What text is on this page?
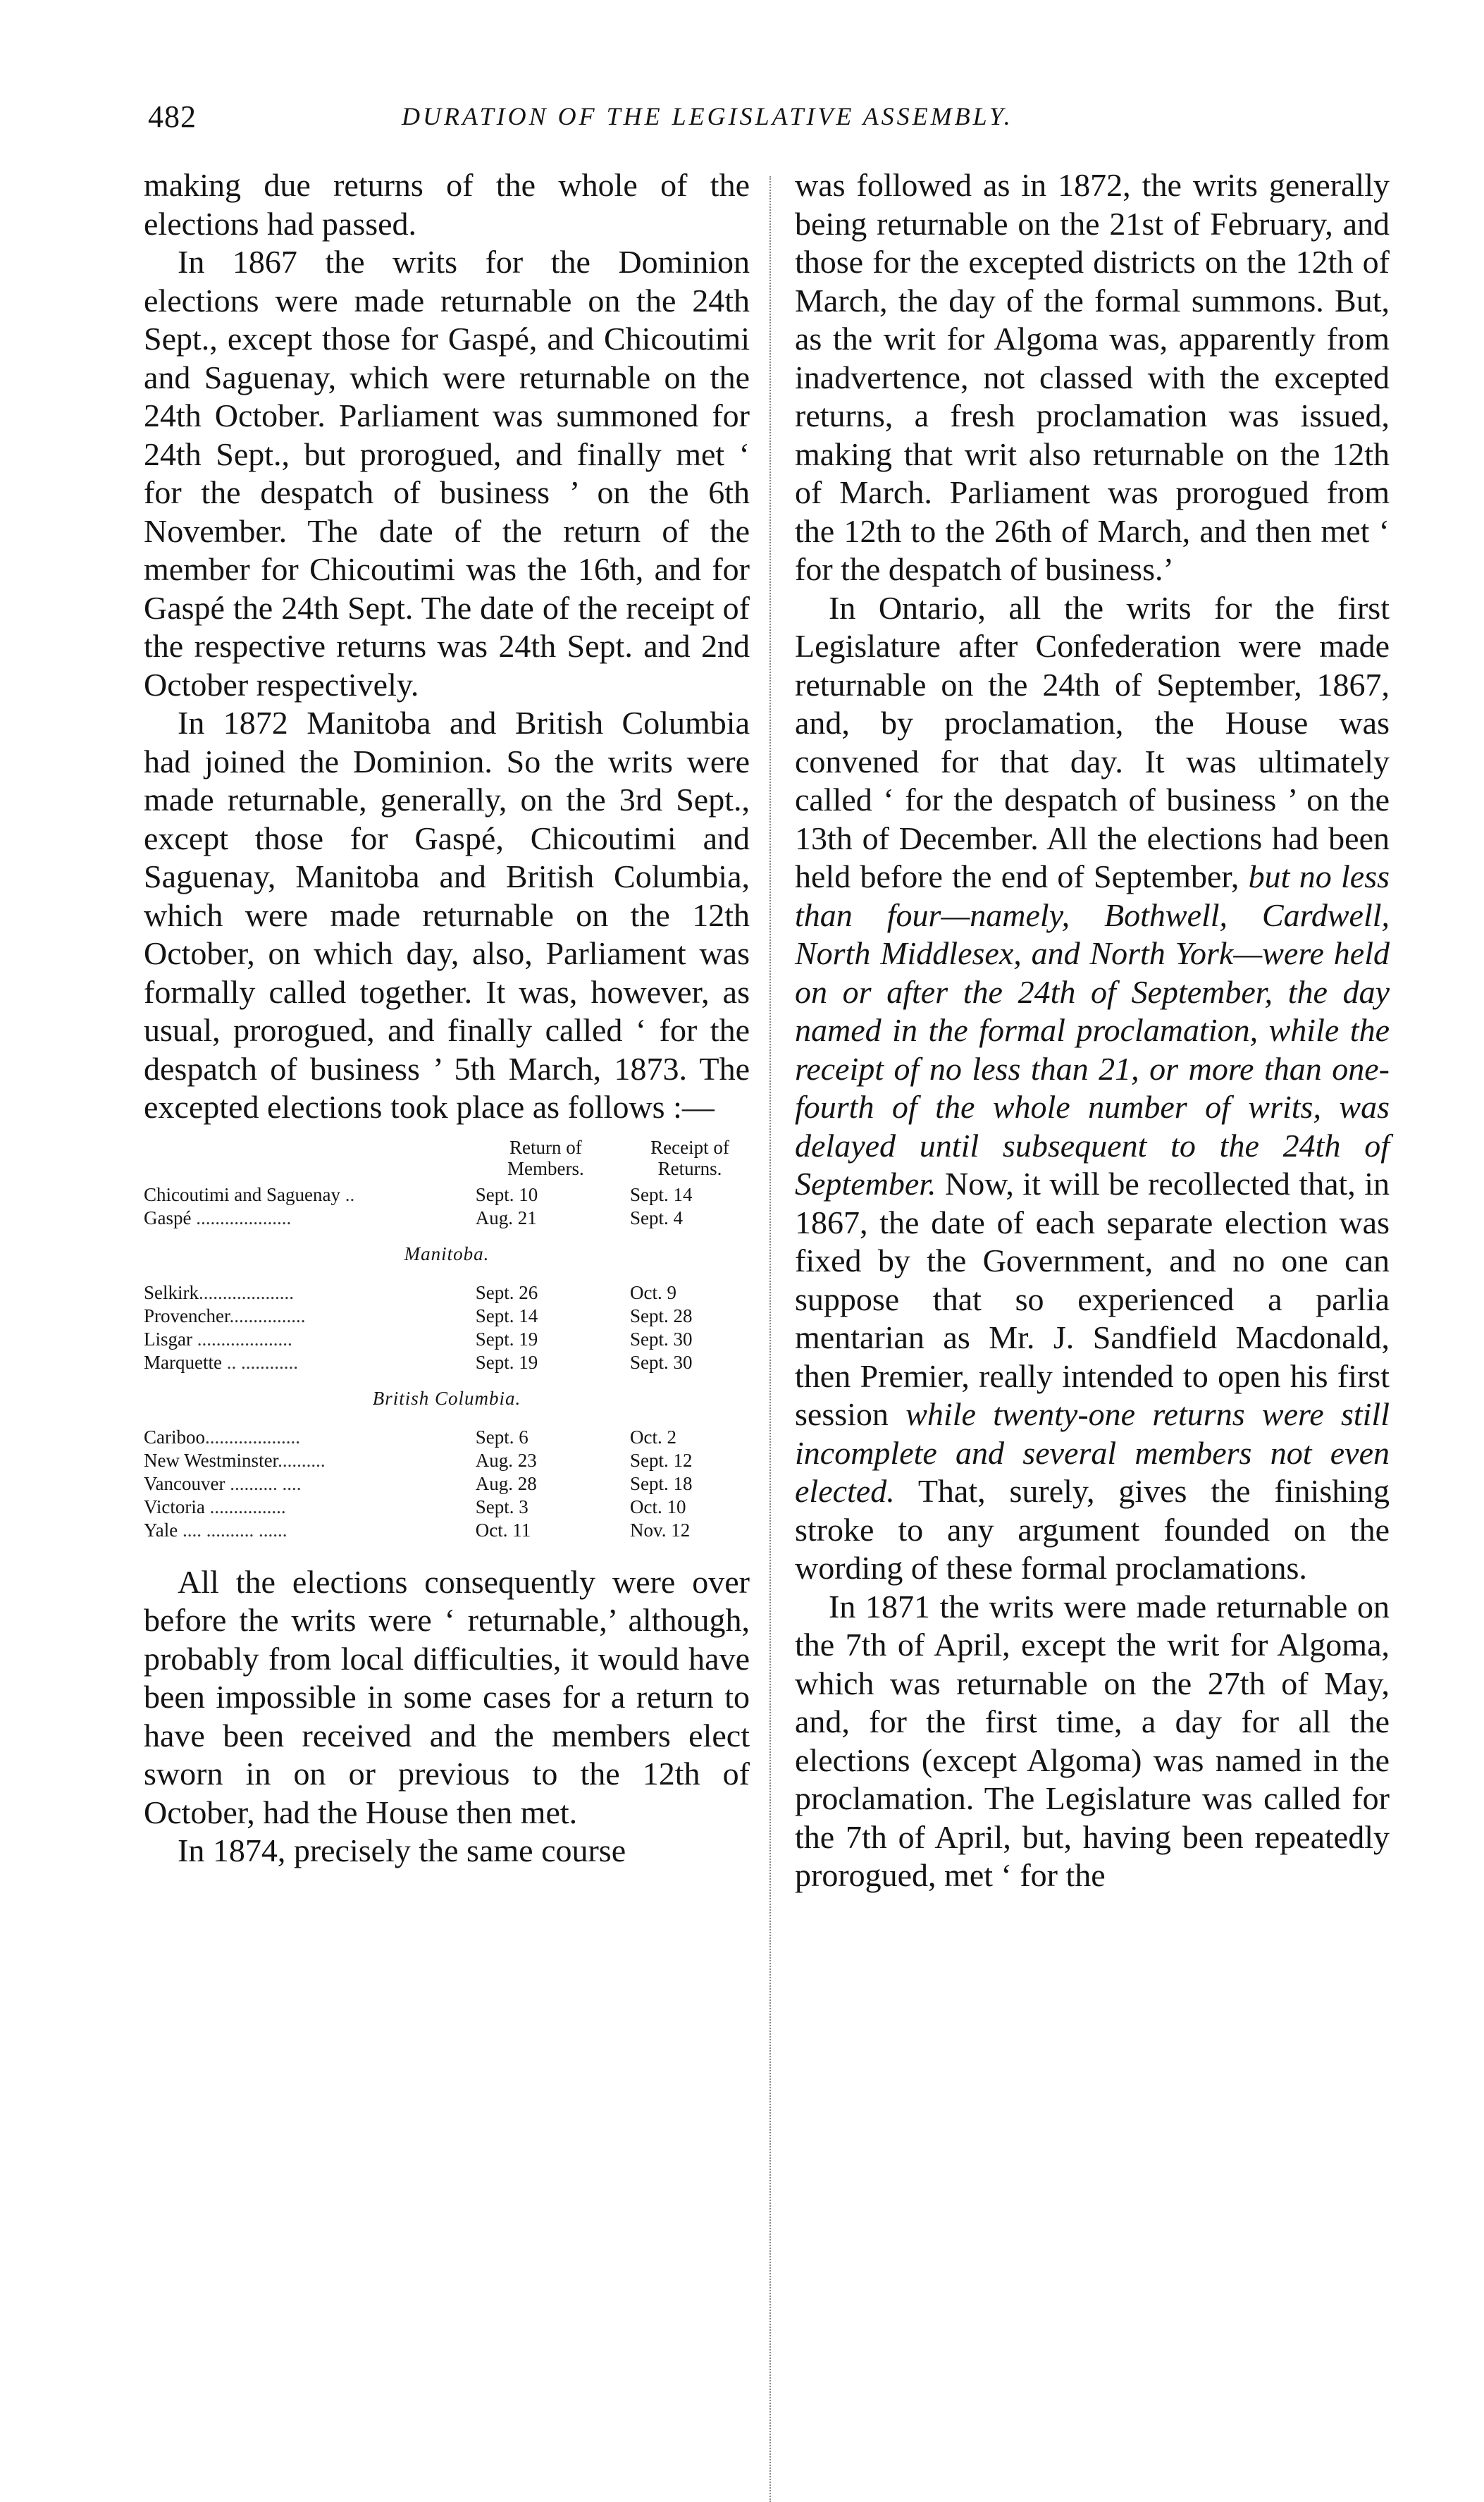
482	DURATION OF THE LEGISLATIVE ASSEMBLY.

making due returns of the whole of the elections had passed.

In 1867 the writs for the Dominion elections were made returnable on the 24th Sept., except those for Gaspé, and Chicoutimi and Saguenay, which were returnable on the 24th October. Parliament was summoned for 24th Sept., but prorogued, and finally met ‘ for the despatch of business ’ on the 6th November. The date of the return of the member for Chicoutimi was the 16th, and for Gaspé the 24th Sept. The date of the receipt of the respective returns was 24th Sept. and 2nd October respectively.

In 1872 Manitoba and British Columbia had joined the Dominion. So the writs were made returnable, generally, on the 3rd Sept., except those for Gaspé, Chicoutimi and Saguenay, Manitoba and British Columbia, which were made returnable on the 12th October, on which day, also, Parliament was formally called together. It was, however, as usual, prorogued, and finally called ‘ for the despatch of business ’ 5th March, 1873. The excepted elections took place as follows :—

	Return of Members.	Receipt of Returns.
Chicoutimi and Saguenay ..	Sept. 10	Sept. 14
Gaspé ....................	Aug. 21	Sept. 4
Manitoba.		
Selkirk....................	Sept. 26	Oct. 9
Provencher................	Sept. 14	Sept. 28
Lisgar ....................	Sept. 19	Sept. 30
Marquette .. ............	Sept. 19	Sept. 30
British Columbia.		
Cariboo....................	Sept. 6	Oct. 2
New Westminster..........	Aug. 23	Sept. 12
Vancouver .......... ....	Aug. 28	Sept. 18
Victoria ................	Sept. 3	Oct. 10
Yale .... .......... ......	Oct. 11	Nov. 12

All the elections consequently were over before the writs were ‘ returnable,’ although, probably from local difficulties, it would have been impossible in some cases for a return to have been received and the members elect sworn in on or previous to the 12th of October, had the House then met.

In 1874, precisely the same course

was followed as in 1872, the writs generally being returnable on the 21st of February, and those for the excepted districts on the 12th of March, the day of the formal summons. But, as the writ for Algoma was, apparently from inadvertence, not classed with the excepted returns, a fresh proclamation was issued, making that writ also returnable on the 12th of March. Parliament was prorogued from the 12th to the 26th of March, and then met ‘ for the despatch of business.’

In Ontario, all the writs for the first Legislature after Confederation were made returnable on the 24th of September, 1867, and, by proclamation, the House was convened for that day. It was ultimately called ‘ for the despatch of business ’ on the 13th of December. All the elections had been held before the end of September, but no less than four—namely, Bothwell, Cardwell, North Middlesex, and North York—were held on or after the 24th of September, the day named in the formal proclamation, while the receipt of no less than 21, or more than one-fourth of the whole number of writs, was delayed until subsequent to the 24th of September. Now, it will be recollected that, in 1867, the date of each separate election was fixed by the Government, and no one can suppose that so experienced a parlia mentarian as Mr. J. Sandfield Macdonald, then Premier, really intended to open his first session while twenty-one returns were still incomplete and several members not even elected. That, surely, gives the finishing stroke to any argument founded on the wording of these formal proclamations.

In 1871 the writs were made returnable on the 7th of April, except the writ for Algoma, which was returnable on the 27th of May, and, for the first time, a day for all the elections (except Algoma) was named in the proclamation. The Legislature was called for the 7th of April, but, having been repeatedly prorogued, met ‘ for the
